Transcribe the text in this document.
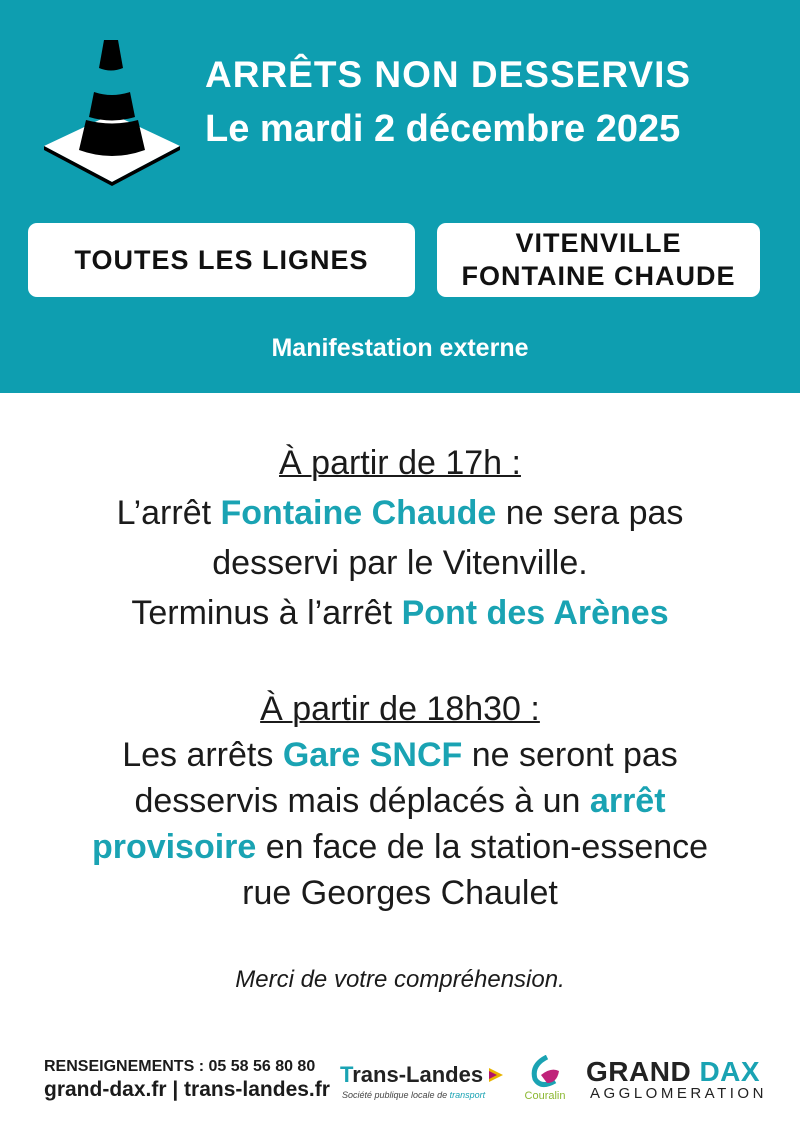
ARRÊTS NON DESSERVIS
Le mardi 2 décembre 2025
TOUTES LES LIGNES
VITENVILLE
FONTAINE CHAUDE
Manifestation externe
À partir de 17h :
L’arrêt Fontaine Chaude ne sera pas
desservi par le Vitenville.
Terminus à l’arrêt Pont des Arènes
À partir de 18h30 :
Les arrêts Gare SNCF ne seront pas
desservis mais déplacés à un arrêt
provisoire en face de la station-essence
rue Georges Chaulet
Merci de votre compréhension.
RENSEIGNEMENTS : 05 58 56 80 80
grand-dax.fr | trans-landes.fr
Trans-Landes
Société publique locale de transport	Couralin
GRAND DAX
AGGLOMERATION
